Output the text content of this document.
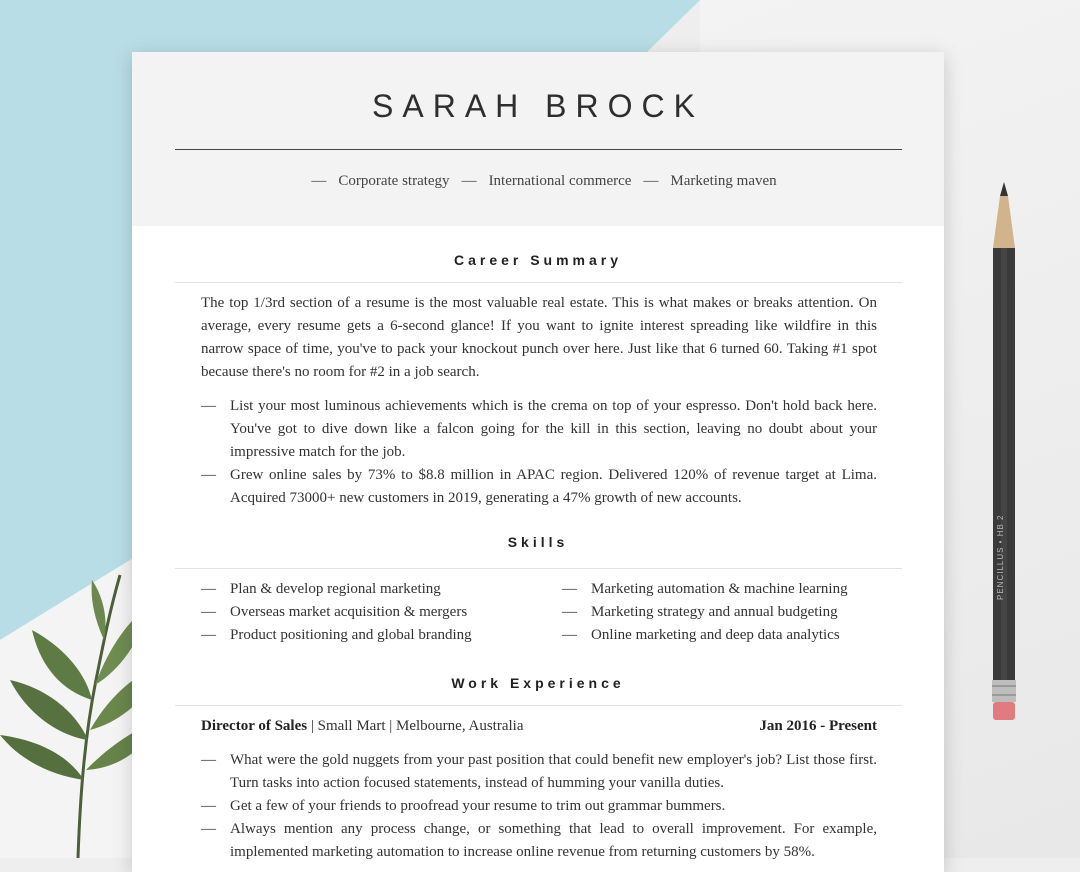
SARAH BROCK
— Corporate strategy — International commerce — Marketing maven
Career Summary

The top 1/3rd section of a resume is the most valuable real estate. This is what makes or breaks attention. On average, every resume gets a 6-second glance! If you want to ignite interest spreading like wildfire in this narrow space of time, you've to pack your knockout punch over here. Just like that 6 turned 60. Taking #1 spot because there's no room for #2 in a job search.

— List your most luminous achievements which is the crema on top of your espresso. Don't hold back here. You've got to dive down like a falcon going for the kill in this section, leaving no doubt about your impressive match for the job.
— Grew online sales by 73% to $8.8 million in APAC region. Delivered 120% of revenue target at Lima. Acquired 73000+ new customers in 2019, generating a 47% growth of new accounts.
Skills
— Plan & develop regional marketing
— Overseas market acquisition & mergers
— Product positioning and global branding
— Marketing automation & machine learning
— Marketing strategy and annual budgeting
— Online marketing and deep data analytics
Work Experience
Director of Sales | Small Mart | Melbourne, Australia	Jan 2016 - Present
— What were the gold nuggets from your past position that could benefit new employer's job? List those first. Turn tasks into action focused statements, instead of humming your vanilla duties.
— Get a few of your friends to proofread your resume to trim out grammar bummers.
— Always mention any process change, or something that lead to overall improvement. For example, implemented marketing automation to increase online revenue from returning customers by 58%.
PENCILLUS • HB 2
